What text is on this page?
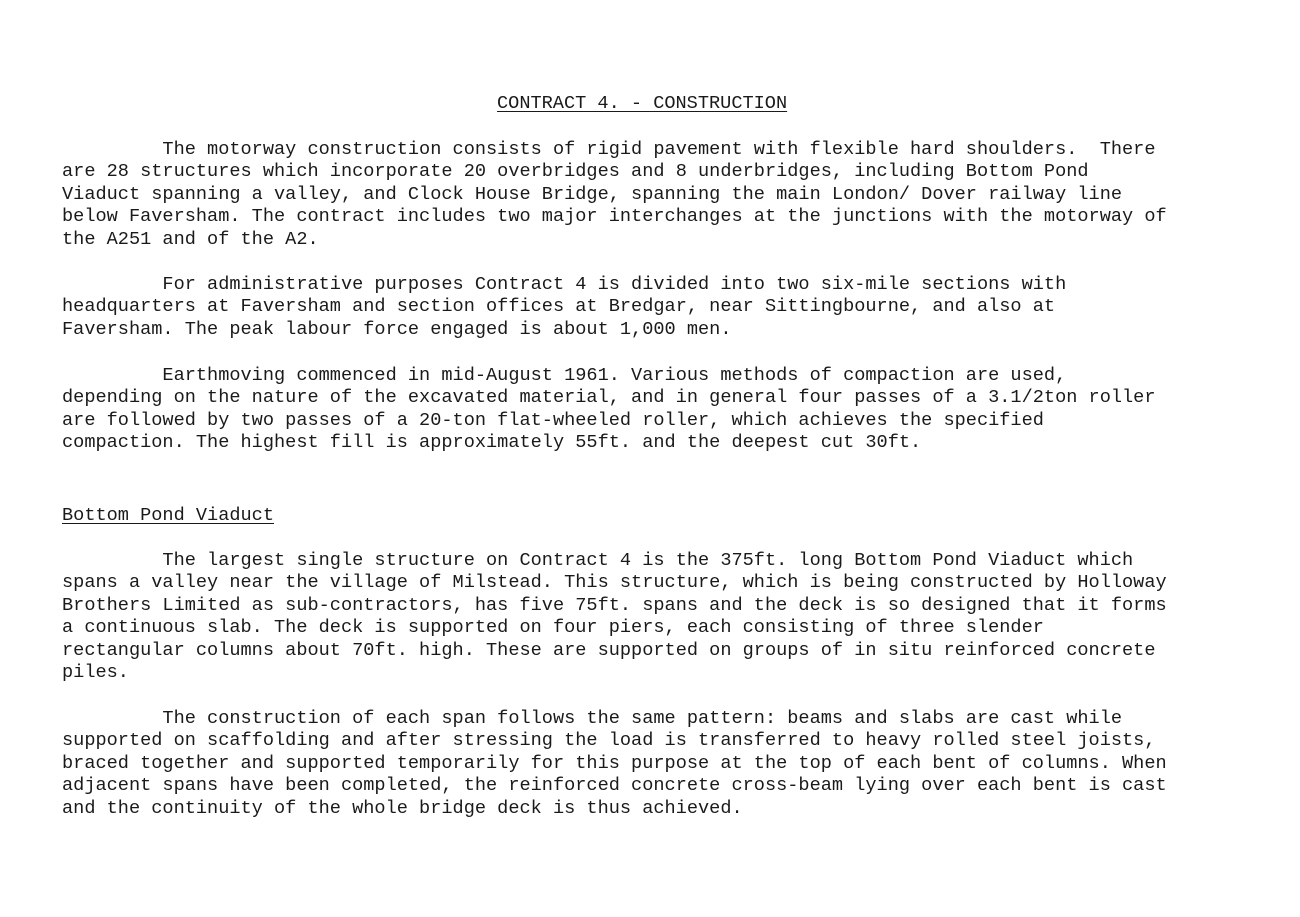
CONTRACT 4. - CONSTRUCTION

The motorway construction consists of rigid pavement with flexible hard shoulders.  There
are 28 structures which incorporate 20 overbridges and 8 underbridges, including Bottom Pond
Viaduct spanning a valley, and Clock House Bridge, spanning the main London/ Dover railway line
below Faversham. The contract includes two major interchanges at the junctions with the motorway of
the A251 and of the A2.

For administrative purposes Contract 4 is divided into two six-mile sections with
headquarters at Faversham and section offices at Bredgar, near Sittingbourne, and also at
Faversham. The peak labour force engaged is about 1,000 men.

Earthmoving commenced in mid-August 1961. Various methods of compaction are used,
depending on the nature of the excavated material, and in general four passes of a 3.1/2ton roller
are followed by two passes of a 20-ton flat-wheeled roller, which achieves the specified
compaction. The highest fill is approximately 55ft. and the deepest cut 30ft.

Bottom Pond Viaduct

The largest single structure on Contract 4 is the 375ft. long Bottom Pond Viaduct which
spans a valley near the village of Milstead. This structure, which is being constructed by Holloway
Brothers Limited as sub-contractors, has five 75ft. spans and the deck is so designed that it forms
a continuous slab. The deck is supported on four piers, each consisting of three slender
rectangular columns about 70ft. high. These are supported on groups of in situ reinforced concrete
piles.

The construction of each span follows the same pattern: beams and slabs are cast while
supported on scaffolding and after stressing the load is transferred to heavy rolled steel joists,
braced together and supported temporarily for this purpose at the top of each bent of columns. When
adjacent spans have been completed, the reinforced concrete cross-beam lying over each bent is cast
and the continuity of the whole bridge deck is thus achieved.
